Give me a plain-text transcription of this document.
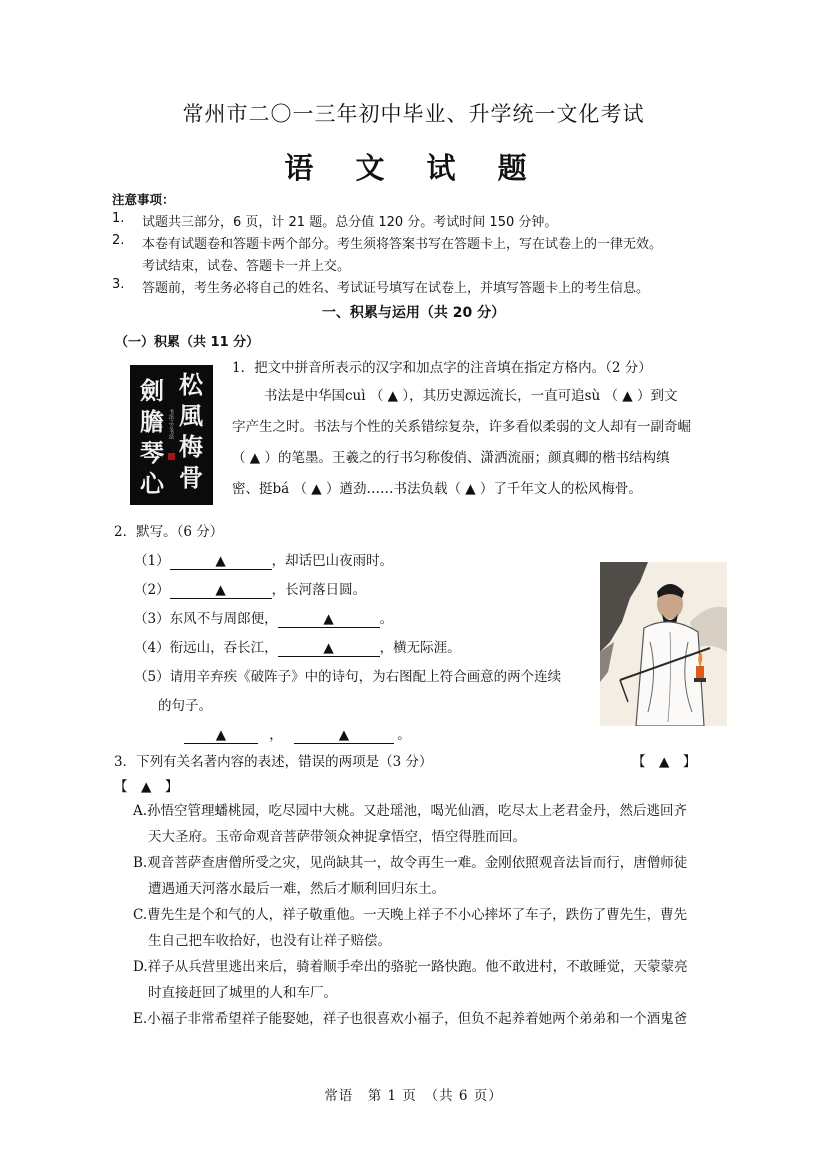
常州市二〇一三年初中毕业、升学统一文化考试
语 文 试 题
注意事项：
1. 试题共三部分，6 页，计 21 题。总分值 120 分。考试时间 150 分钟。
2. 本卷有试题卷和答题卡两个部分。考生须将答案书写在答题卡上，写在试卷上的一律无效。
考试结束，试卷、答题卡一并上交。
3. 答题前，考生务必将自己的姓名、考试证号填写在试卷上，并填写答题卡上的考生信息。
一、积累与运用（共 20 分）
（一）积累（共 11 分）
松
風
梅
骨
劍
膽
琴
心
书法之言书法
1．把文中拼音所表示的汉字和加点字的注音填在指定方格内。（2 分）
书法是中华国cuì （ ▲ ），其历史源远流长，一直可追sù （ ▲ ）到文
字产生之时。书法与个性的关系错综复杂，许多看似柔弱的文人却有一副奇崛
（ ▲ ）的笔墨。王羲之的行书匀称俊俏、潇洒流丽；颜真卿的楷书结构缜
密、挺bá （ ▲ ）遒劲……书法负载（ ▲ ）了千年文人的松风梅骨。
2．默写。（6 分）
（1）	▲	，却话巴山夜雨时。
（2）	▲	，长河落日圆。
（3）东风不与周郎便，	▲	。
（4）衔远山，吞长江，	▲	，横无际涯。
（5）请用辛弃疾《破阵子》中的诗句，为右图配上符合画意的两个连续
的句子。
▲	，	▲	。
3．下列有关名著内容的表述，错误的两项是（3 分）	【　▲　】
【　▲　】
A.孙悟空管理蟠桃园，吃尽园中大桃。又赴瑶池，喝光仙酒，吃尽太上老君金丹，然后逃回齐
天大圣府。玉帝命观音菩萨带领众神捉拿悟空，悟空得胜而回。
B.观音菩萨查唐僧所受之灾，见尚缺其一，故令再生一难。金刚依照观音法旨而行，唐僧师徒
遭遇通天河落水最后一难，然后才顺利回归东土。
C.曹先生是个和气的人，祥子敬重他。一天晚上祥子不小心摔坏了车子，跌伤了曹先生，曹先
生自己把车收拾好，也没有让祥子赔偿。
D.祥子从兵营里逃出来后，骑着顺手牵出的骆驼一路快跑。他不敢进村，不敢睡觉，天蒙蒙亮
时直接赶回了城里的人和车厂。
E.小福子非常希望祥子能娶她，祥子也很喜欢小福子，但负不起养着她两个弟弟和一个酒鬼爸
常语　第 1 页　（共 6 页）
